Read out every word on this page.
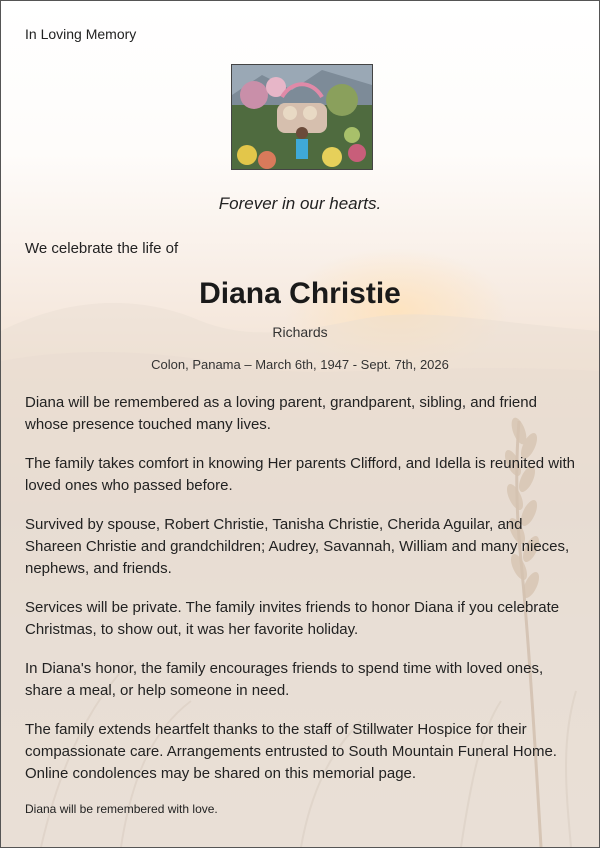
In Loving Memory
Forever in our hearts.
We celebrate the life of
Diana Christie
Richards
Colon, Panama – March 6th, 1947 - Sept. 7th, 2026

Diana will be remembered as a loving parent, grandparent, sibling, and friend whose presence touched many lives.

The family takes comfort in knowing Her parents Clifford, and Idella is reunited with loved ones who passed before.

Survived by spouse, Robert Christie, Tanisha Christie, Cherida Aguilar, and Shareen Christie and grandchildren; Audrey, Savannah, William and many nieces, nephews, and friends.

Services will be private. The family invites friends to honor Diana if you celebrate Christmas, to show out, it was her favorite holiday.

In Diana's honor, the family encourages friends to spend time with loved ones, share a meal, or help someone in need.

The family extends heartfelt thanks to the staff of Stillwater Hospice for their compassionate care. Arrangements entrusted to South Mountain Funeral Home. Online condolences may be shared on this memorial page.

Diana will be remembered with love.
